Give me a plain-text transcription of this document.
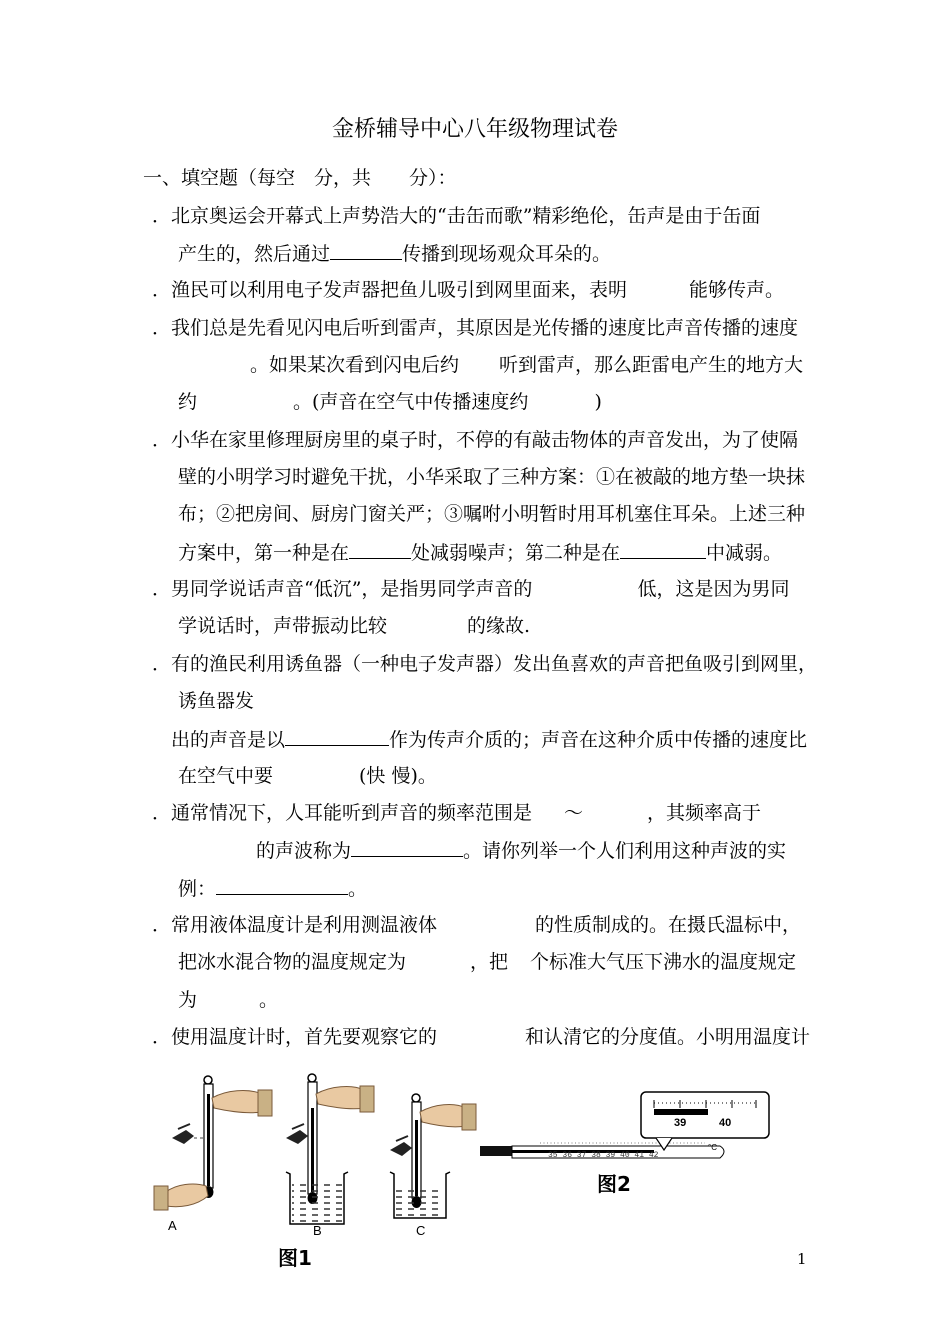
金桥辅导中心八年级物理试卷
一、填空题（每空　分，共　　分）：
．北京奥运会开幕式上声势浩大的“击缶而歌”精彩绝伦，缶声是由于缶面
产生的，然后通过	传播到现场观众耳朵的。
．渔民可以利用电子发声器把鱼儿吸引到网里面来，表明	能够传声。
．我们总是先看见闪电后听到雷声，其原因是光传播的速度比声音传播的速度
。如果某次看到闪电后约 听到雷声，那么距雷电产生的地方大
约	。(声音在空气中传播速度约	)
．小华在家里修理厨房里的桌子时，不停的有敲击物体的声音发出，为了使隔
壁的小明学习时避免干扰，小华采取了三种方案：①在被敲的地方垫一块抹
布；②把房间、厨房门窗关严；③嘱咐小明暂时用耳机塞住耳朵。上述三种
方案中，第一种是在	处减弱噪声；第二种是在	中减弱。
．男同学说话声音“低沉”，是指男同学声音的	低，这是因为男同
学说话时，声带振动比较	的缘故.
．有的渔民利用诱鱼器（一种电子发声器）发出鱼喜欢的声音把鱼吸引到网里，
诱鱼器发
出的声音是以	作为传声介质的；声音在这种介质中传播的速度比
在空气中要	(快 慢)。
．通常情况下，人耳能听到声音的频率范围是 ～	，其频率高于
的声波称为	。请你列举一个人们利用这种声波的实
例：	。
．常用液体温度计是利用测温液体	的性质制成的。在摄氏温标中，
把冰水混合物的温度规定为	，把 个标准大气压下沸水的温度规定
为	。
．使用温度计时，首先要观察它的	和认清它的分度值。小明用温度计
A	B	C
图1
图2
39	40
35 36 37 38 39 40 41 42
°C
1
